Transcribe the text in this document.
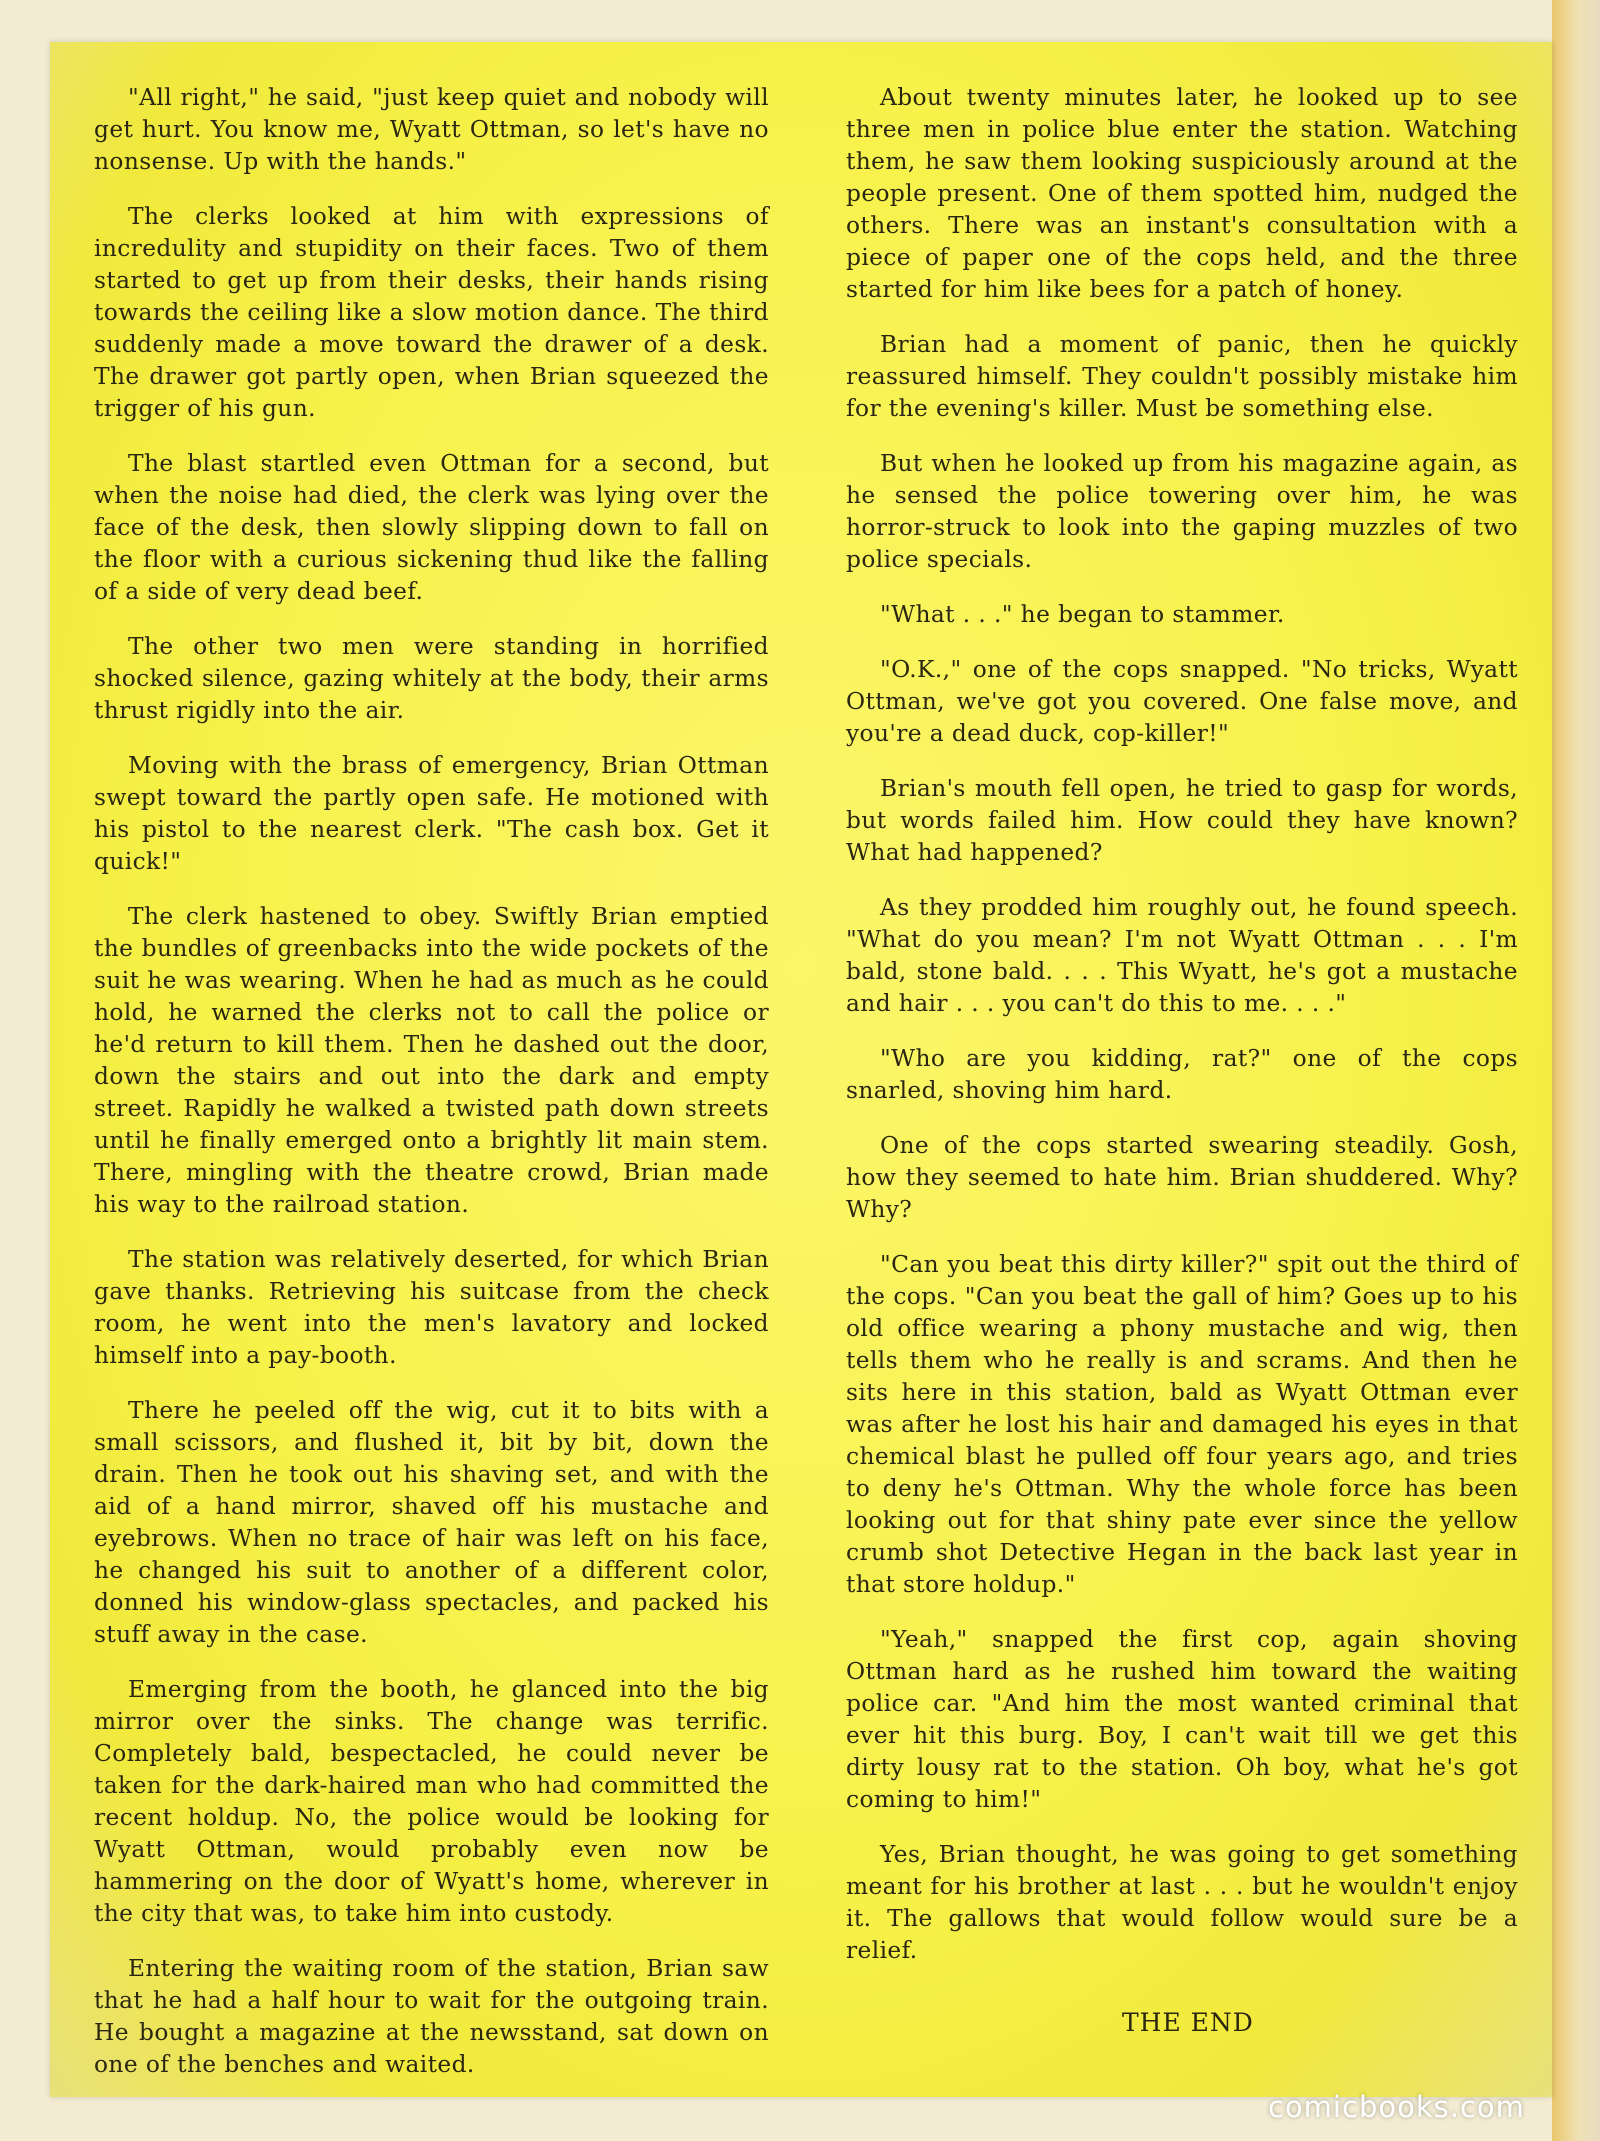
"All right," he said, "just keep quiet and nobody will get hurt. You know me, Wyatt Ottman, so let's have no nonsense. Up with the hands."

The clerks looked at him with expressions of incredulity and stupidity on their faces. Two of them started to get up from their desks, their hands rising towards the ceiling like a slow motion dance. The third suddenly made a move toward the drawer of a desk. The drawer got partly open, when Brian squeezed the trigger of his gun.

The blast startled even Ottman for a second, but when the noise had died, the clerk was lying over the face of the desk, then slowly slipping down to fall on the floor with a curious sickening thud like the falling of a side of very dead beef.

The other two men were standing in horrified shocked silence, gazing whitely at the body, their arms thrust rigidly into the air.

Moving with the brass of emergency, Brian Ottman swept toward the partly open safe. He motioned with his pistol to the nearest clerk. "The cash box. Get it quick!"

The clerk hastened to obey. Swiftly Brian emptied the bundles of greenbacks into the wide pockets of the suit he was wearing. When he had as much as he could hold, he warned the clerks not to call the police or he'd return to kill them. Then he dashed out the door, down the stairs and out into the dark and empty street. Rapidly he walked a twisted path down streets until he finally emerged onto a brightly lit main stem. There, mingling with the theatre crowd, Brian made his way to the railroad station.

The station was relatively deserted, for which Brian gave thanks. Retrieving his suitcase from the check room, he went into the men's lavatory and locked himself into a pay-booth.

There he peeled off the wig, cut it to bits with a small scissors, and flushed it, bit by bit, down the drain. Then he took out his shaving set, and with the aid of a hand mirror, shaved off his mustache and eyebrows. When no trace of hair was left on his face, he changed his suit to another of a different color, donned his window-glass spectacles, and packed his stuff away in the case.

Emerging from the booth, he glanced into the big mirror over the sinks. The change was terrific. Completely bald, bespectacled, he could never be taken for the dark-haired man who had committed the recent holdup. No, the police would be looking for Wyatt Ottman, would probably even now be hammering on the door of Wyatt's home, wherever in the city that was, to take him into custody.

Entering the waiting room of the station, Brian saw that he had a half hour to wait for the outgoing train. He bought a magazine at the newsstand, sat down on one of the benches and waited.

About twenty minutes later, he looked up to see three men in police blue enter the station. Watching them, he saw them looking suspiciously around at the people present. One of them spotted him, nudged the others. There was an instant's consultation with a piece of paper one of the cops held, and the three started for him like bees for a patch of honey.

Brian had a moment of panic, then he quickly reassured himself. They couldn't possibly mistake him for the evening's killer. Must be something else.

But when he looked up from his magazine again, as he sensed the police towering over him, he was horror-struck to look into the gaping muzzles of two police specials.

"What . . ." he began to stammer.

"O.K.," one of the cops snapped. "No tricks, Wyatt Ottman, we've got you covered. One false move, and you're a dead duck, cop-killer!"

Brian's mouth fell open, he tried to gasp for words, but words failed him. How could they have known? What had happened?

As they prodded him roughly out, he found speech. "What do you mean? I'm not Wyatt Ottman . . . I'm bald, stone bald. . . . This Wyatt, he's got a mustache and hair . . . you can't do this to me. . . ."

"Who are you kidding, rat?" one of the cops snarled, shoving him hard.

One of the cops started swearing steadily. Gosh, how they seemed to hate him. Brian shuddered. Why? Why?

"Can you beat this dirty killer?" spit out the third of the cops. "Can you beat the gall of him? Goes up to his old office wearing a phony mustache and wig, then tells them who he really is and scrams. And then he sits here in this station, bald as Wyatt Ottman ever was after he lost his hair and damaged his eyes in that chemical blast he pulled off four years ago, and tries to deny he's Ottman. Why the whole force has been looking out for that shiny pate ever since the yellow crumb shot Detective Hegan in the back last year in that store holdup."

"Yeah," snapped the first cop, again shoving Ottman hard as he rushed him toward the waiting police car. "And him the most wanted criminal that ever hit this burg. Boy, I can't wait till we get this dirty lousy rat to the station. Oh boy, what he's got coming to him!"

Yes, Brian thought, he was going to get something meant for his brother at last . . . but he wouldn't enjoy it. The gallows that would follow would sure be a relief.

THE END
comicbooks.com
